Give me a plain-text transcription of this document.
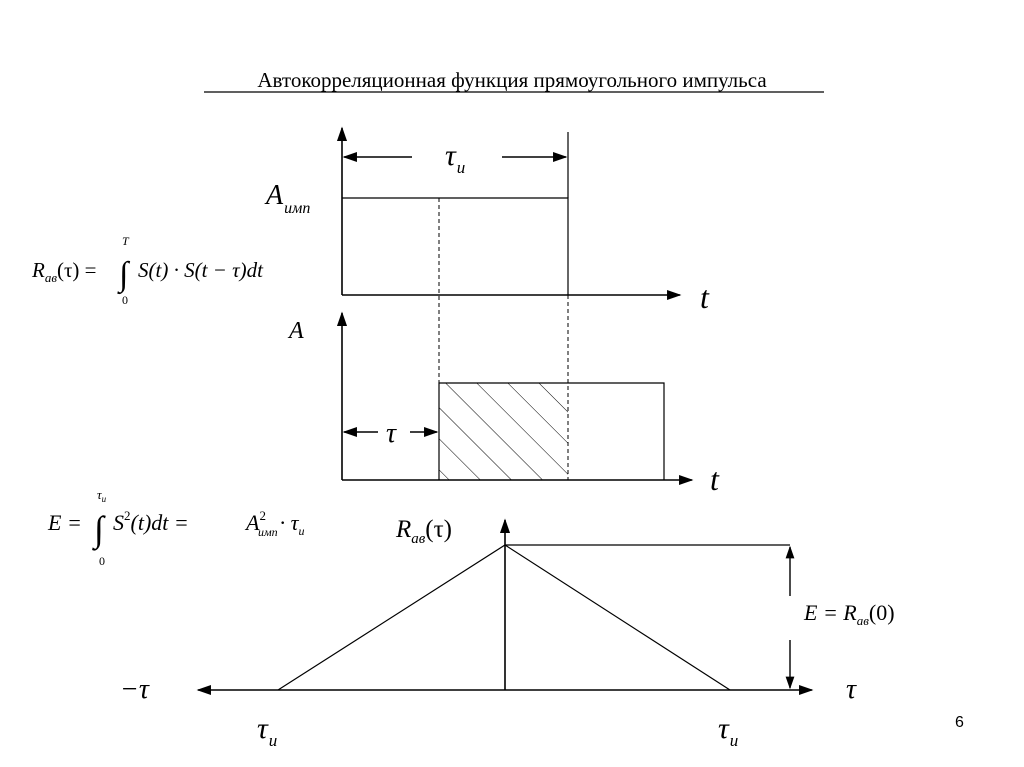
Автокорреляционная функция прямоугольного импульса
$\tau_и$
$A_{имп}$
t
$R_{ав}(\tau)$ = ∫
T
0
S(t) · S(t − τ)dt
A
τ
t
E = ∫
$\tau_и$
0
$S^2(t)dt$ =	$A^2$ $имп\cdot \tau_и$
$E = R_{ав}(0)$
$R_{ав}(\tau)$
−τ	τ
$\tau_и$	$\tau_и$
6
